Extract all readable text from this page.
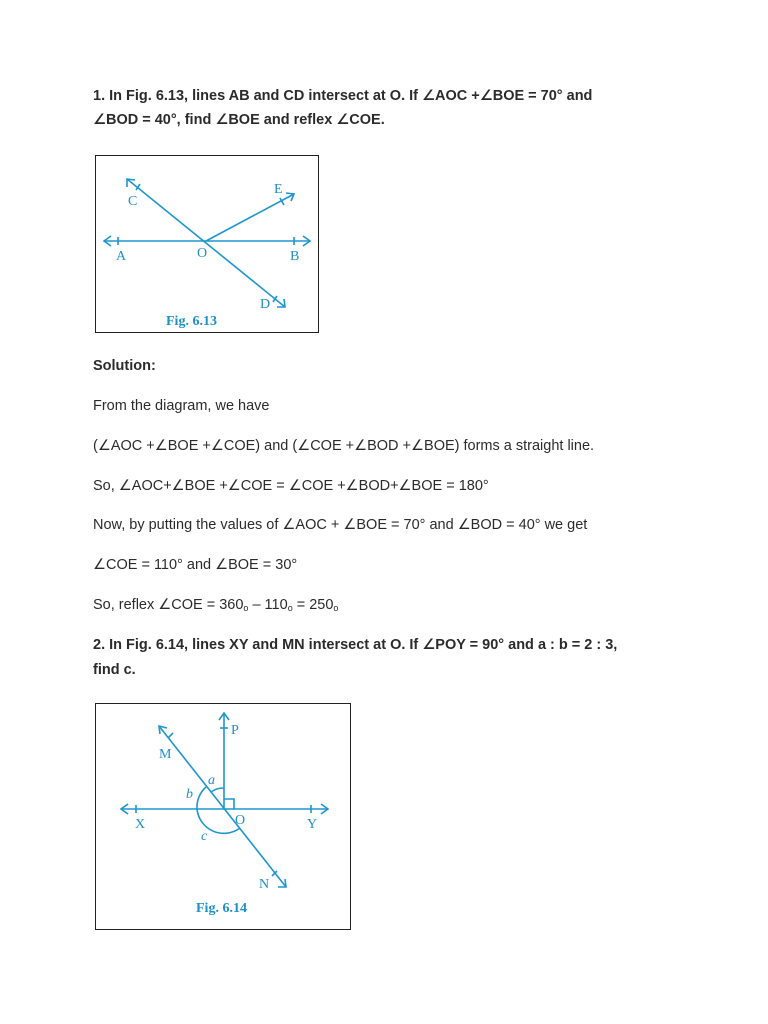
1. In Fig. 6.13, lines AB and CD intersect at O. If ∠AOC +∠BOE = 70° and
∠BOD = 40°, find ∠BOE and reflex ∠COE.
C
E
A	O	B
D
Fig. 6.13
Solution:
From the diagram, we have
(∠AOC +∠BOE +∠COE) and (∠COE +∠BOD +∠BOE) forms a straight line.
So, ∠AOC+∠BOE +∠COE = ∠COE +∠BOD+∠BOE = 180°
Now, by putting the values of ∠AOC + ∠BOE = 70° and ∠BOD = 40° we get
∠COE = 110° and ∠BOE = 30°
So, reflex ∠COE = $360_o - 110_o = 250_o$
2. In Fig. 6.14, lines XY and MN intersect at O. If ∠POY = 90° and a : b = 2 : 3,
find c.
M
P
a
b
X	O	Y
c
N
Fig. 6.14
